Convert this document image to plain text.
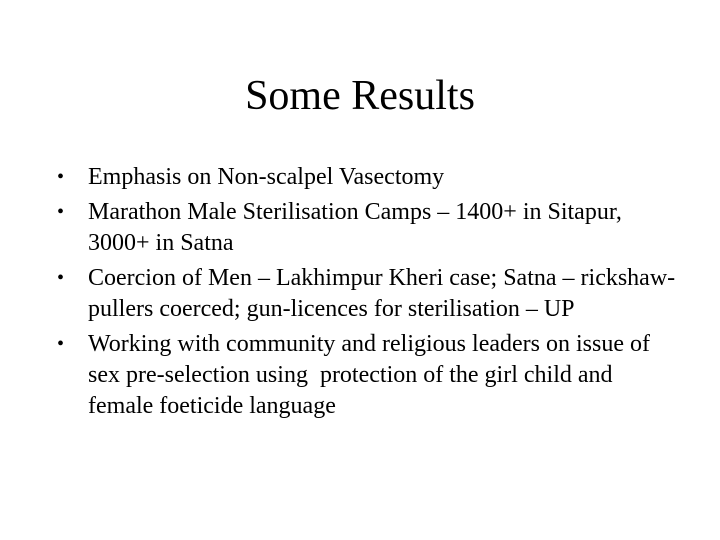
Some Results
• Emphasis on Non-scalpel Vasectomy
• Marathon Male Sterilisation Camps – 1400+ in Sitapur, 3000+ in Satna
• Coercion of Men – Lakhimpur Kheri case; Satna – rickshaw-pullers coerced; gun-licences for sterilisation – UP
• Working with community and religious leaders on issue of sex pre-selection using  protection of the girl child and female foeticide language
